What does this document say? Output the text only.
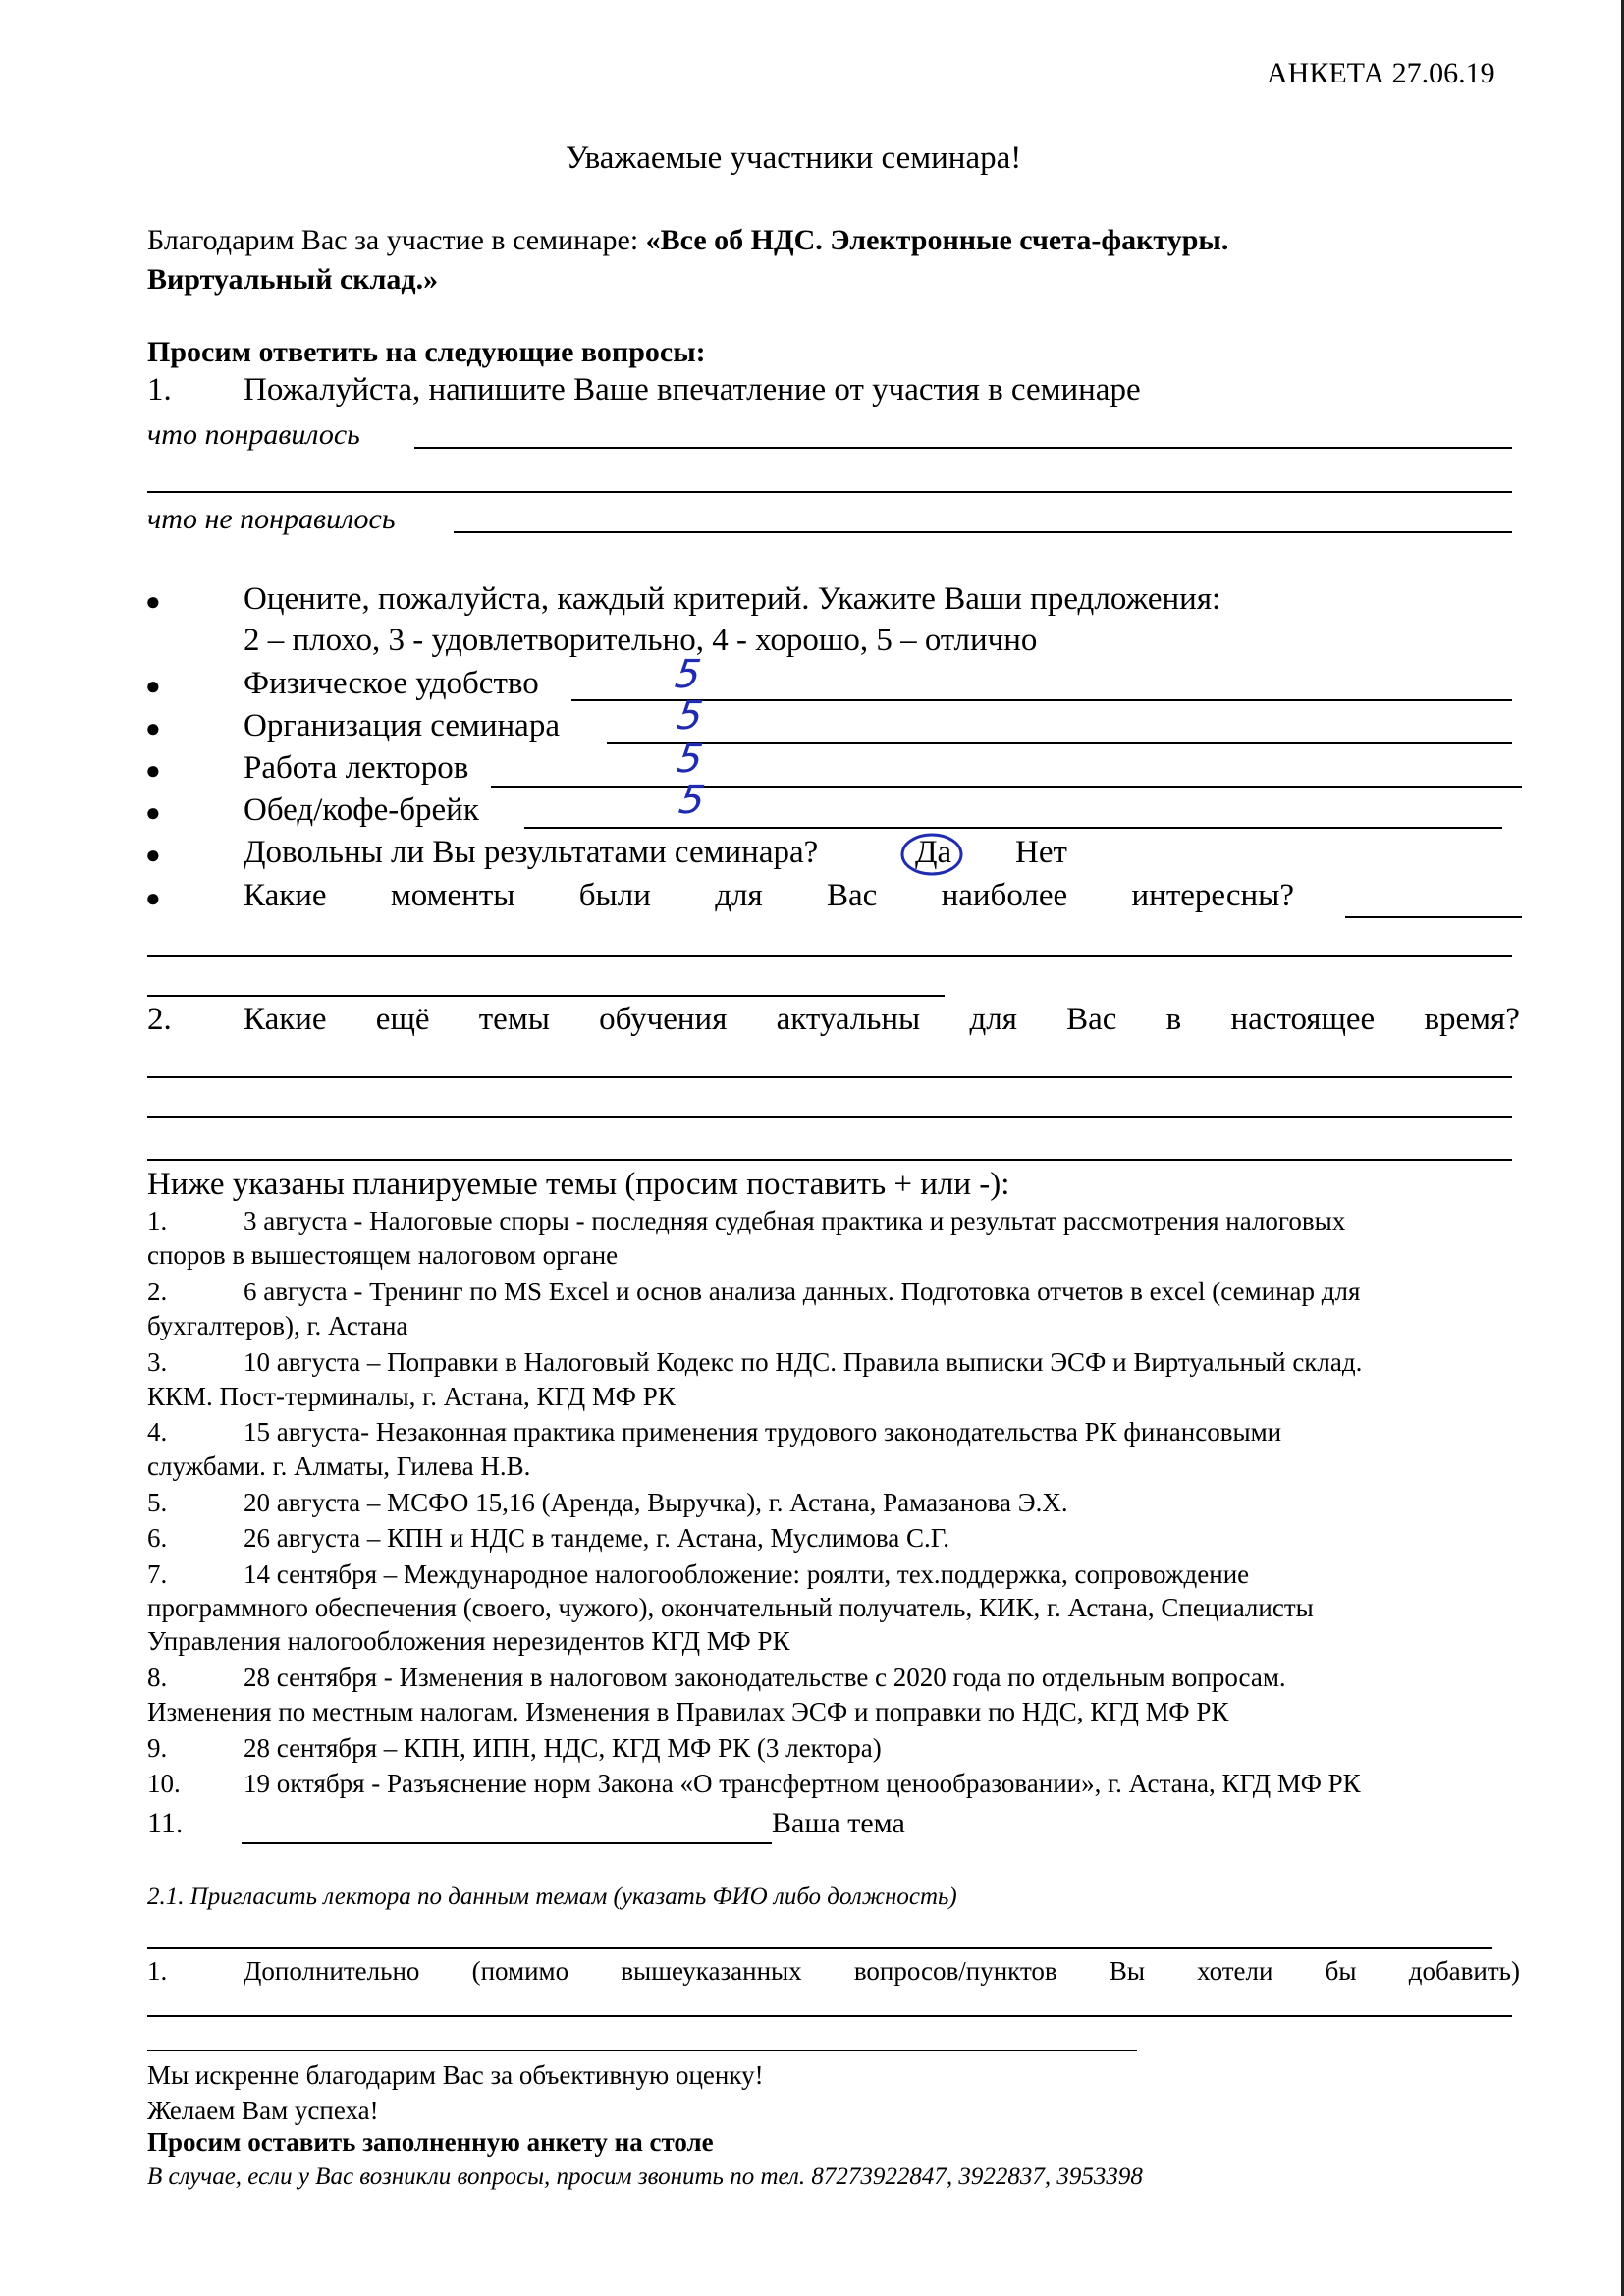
АНКЕТА 27.06.19
Уважаемые участники семинара!
Благодарим Вас за участие в семинаре: «Все об НДС. Электронные счета-фактуры.
Виртуальный склад.»
Просим ответить на следующие вопросы:
1. Пожалуйста, напишите Ваше впечатление от участия в семинаре
что понравилось
что не понравилось
●	Оцените, пожалуйста, каждый критерий. Укажите Ваши предложения:
2 – плохо, 3 - удовлетворительно, 4 - хорошо, 5 – отлично
●	Физическое удобство	5
●	Организация семинара	5
●	Работа лекторов	5
●	Обед/кофе-брейк	5
●	Довольны ли Вы результатами семинара?	Да Нет
●	Какие моменты были для Вас наиболее интересны?
2. Какие ещё темы обучения актуальны для Вас в настоящее время?
Ниже указаны планируемые темы (просим поставить + или -):
1.	3 августа - Налоговые споры - последняя судебная практика и результат рассмотрения налоговых
споров в вышестоящем налоговом органе
2.	6 августа - Тренинг по MS Excel и основ анализа данных. Подготовка отчетов в excel (семинар для
бухгалтеров), г. Астана
3.	10 августа – Поправки в Налоговый Кодекс по НДС. Правила выписки ЭСФ и Виртуальный склад.
ККМ. Пост-терминалы, г. Астана, КГД МФ РК
4.	15 августа- Незаконная практика применения трудового законодательства РК финансовыми
службами. г. Алматы, Гилева Н.В.
5.	20 августа – МСФО 15,16 (Аренда, Выручка), г. Астана, Рамазанова Э.Х.
6.	26 августа – КПН и НДС в тандеме, г. Астана, Муслимова С.Г.
7.	14 сентября – Международное налогообложение: роялти, тех.поддержка, сопровождение
программного обеспечения (своего, чужого), окончательный получатель, КИК, г. Астана, Специалисты
Управления налогообложения нерезидентов КГД МФ РК
8.	28 сентября - Изменения в налоговом законодательстве с 2020 года по отдельным вопросам.
Изменения по местным налогам. Изменения в Правилах ЭСФ и поправки по НДС, КГД МФ РК
9.	28 сентября – КПН, ИПН, НДС, КГД МФ РК (3 лектора)
10. 19 октября - Разъяснение норм Закона «О трансфертном ценообразовании», г. Астана, КГД МФ РК
11.	Ваша тема
2.1. Пригласить лектора по данным темам (указать ФИО либо должность)
1.	Дополнительно (помимо вышеуказанных вопросов/пунктов Вы хотели бы добавить)
Мы искренне благодарим Вас за объективную оценку!
Желаем Вам успеха!
Просим оставить заполненную анкету на столе
В случае, если у Вас возникли вопросы, просим звонить по тел. 87273922847, 3922837, 3953398
